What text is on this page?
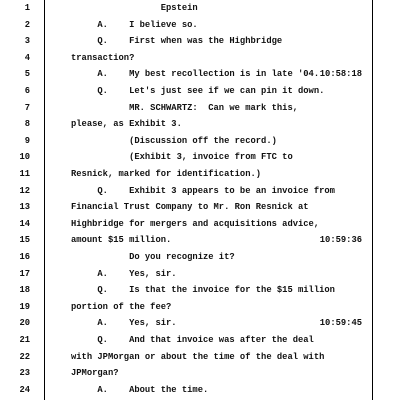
1	Epstein
2	A.    I believe so.
3	Q.    First when was the Highbridge
4	transaction?
5	A.    My best recollection is in late '04. 10:58:18
6	Q.    Let's just see if we can pin it down.
7	MR. SCHWARTZ:  Can we mark this,
8	please, as Exhibit 3.
9	(Discussion off the record.)
10	(Exhibit 3, invoice from FTC to
11	Resnick, marked for identification.)
12	Q.    Exhibit 3 appears to be an invoice from
13	Financial Trust Company to Mr. Ron Resnick at
14	Highbridge for mergers and acquisitions advice,
15	amount $15 million.	10:59:36
16	Do you recognize it?
17	A.    Yes, sir.
18	Q.    Is that the invoice for the $15 million
19	portion of the fee?
20	A.    Yes, sir.	10:59:45
21	Q.    And that invoice was after the deal
22	with JPMorgan or about the time of the deal with
23	JPMorgan?
24	A.    About the time.
